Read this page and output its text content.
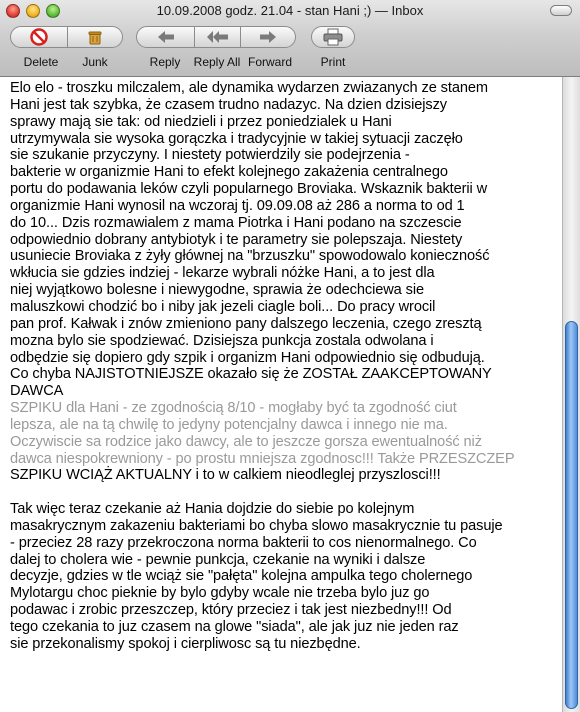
10.09.2008 godz. 21.04 - stan Hani ;) — Inbox
Delete	Junk	Reply	Reply All Forward	Print
Elo elo - troszku milczalem, ale dynamika wydarzen zwiazanych ze stanem
Hani jest tak szybka, że czasem trudno nadazyc. Na dzien dzisiejszy
sprawy mają sie tak: od niedzieli i przez poniedzialek u Hani
utrzymywala sie wysoka gorączka i tradycyjnie w takiej sytuacji zaczęło
sie szukanie przyczyny. I niestety potwierdzily sie podejrzenia -
bakterie w organizmie Hani to efekt kolejnego zakażenia centralnego
portu do podawania leków czyli popularnego Broviaka. Wskaznik bakterii w
organizmie Hani wynosil na wczoraj tj. 09.09.08 aż 286 a norma to od 1
do 10... Dzis rozmawialem z mama Piotrka i Hani podano na szczescie
odpowiednio dobrany antybiotyk i te parametry sie polepszaja. Niestety
usuniecie Broviaka z żyły głównej na "brzuszku" spowodowalo konieczność
wkłucia sie gdzies indziej - lekarze wybrali nóżke Hani, a to jest dla
niej wyjątkowo bolesne i niewygodne, sprawia że odechciewa sie
maluszkowi chodzić bo i niby jak jezeli ciagle boli... Do pracy wrocil
pan prof. Kałwak i znów zmieniono pany dalszego leczenia, czego zresztą
mozna bylo sie spodziewać. Dzisiejsza punkcja zostala odwolana i
odbędzie się dopiero gdy szpik i organizm Hani odpowiednio się odbudują.
Co chyba NAJISTOTNIEJSZE okazało się że ZOSTAŁ ZAAKCEPTOWANY
DAWCA
SZPIKU dla Hani - ze zgodnością 8/10 - mogłaby być ta zgodność ciut
lepsza, ale na tą chwilę to jedyny potencjalny dawca i innego nie ma.
Oczywiscie sa rodzice jako dawcy, ale to jeszcze gorsza ewentualność niż
dawca niespokrewniony - po prostu mniejsza zgodnosc!!! Także PRZESZCZEP
SZPIKU WCIĄŻ AKTUALNY i to w calkiem nieodleglej przyszlosci!!!
Tak więc teraz czekanie aż Hania dojdzie do siebie po kolejnym
masakrycznym zakazeniu bakteriami bo chyba slowo masakrycznie tu pasuje
- przeciez 28 razy przekroczona norma bakterii to cos nienormalnego. Co
dalej to cholera wie - pewnie punkcja, czekanie na wyniki i dalsze
decyzje, gdzies w tle wciąż sie "pałęta" kolejna ampulka tego cholernego
Mylotargu choc pieknie by bylo gdyby wcale nie trzeba bylo juz go
podawac i zrobic przeszczep, który przeciez i tak jest niezbedny!!! Od
tego czekania to juz czasem na glowe "siada", ale jak juz nie jeden raz
sie przekonalismy spokoj i cierpliwosc są tu niezbędne.
